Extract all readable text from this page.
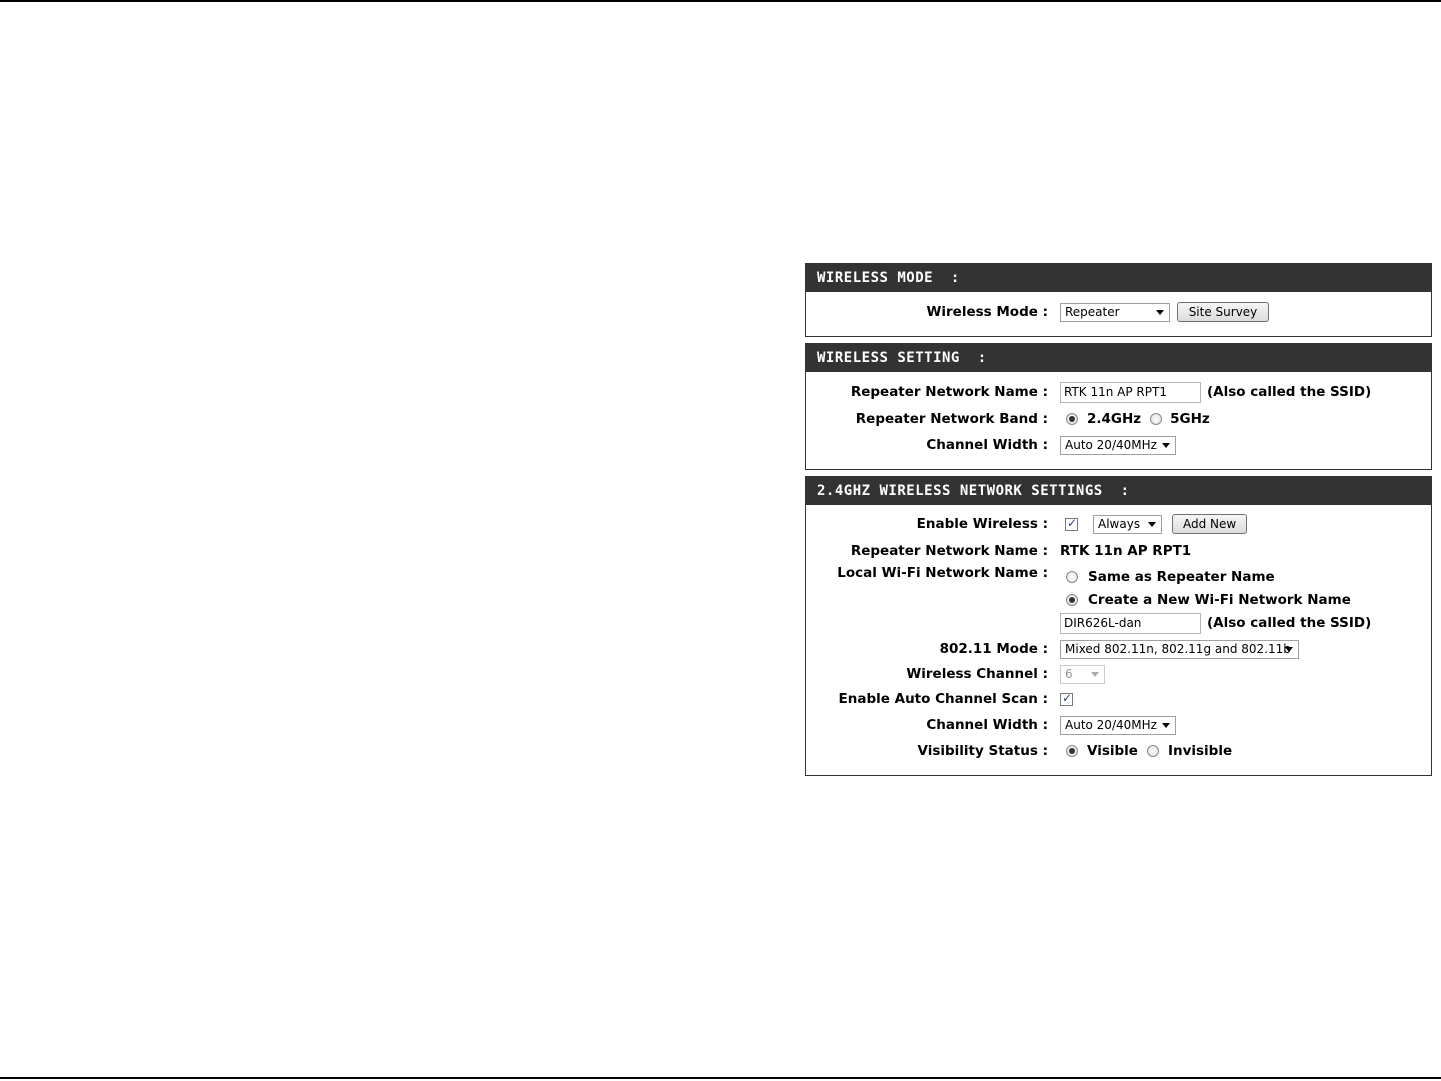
WIRELESS MODE  :
Wireless Mode :	Repeater	Site Survey
WIRELESS SETTING  :
Repeater Network Name :
RTK 11n AP RPT1	(Also called the SSID)
Repeater Network Band :	2.4GHz 5GHz
Channel Width :	Auto 20/40MHz
2.4GHZ WIRELESS NETWORK SETTINGS  :
Enable Wireless :
✓	Always	Add New
Repeater Network Name : RTK 11n AP RPT1
Local Wi-Fi Network Name :	Same as Repeater Name
Create a New Wi-Fi Network Name
DIR626L-dan
(Also called the SSID)
802.11 Mode :	Mixed 802.11n, 802.11g and 802.11b
Wireless Channel :	6
Enable Auto Channel Scan :
✓
Channel Width :	Auto 20/40MHz
Visibility Status :	Visible Invisible
